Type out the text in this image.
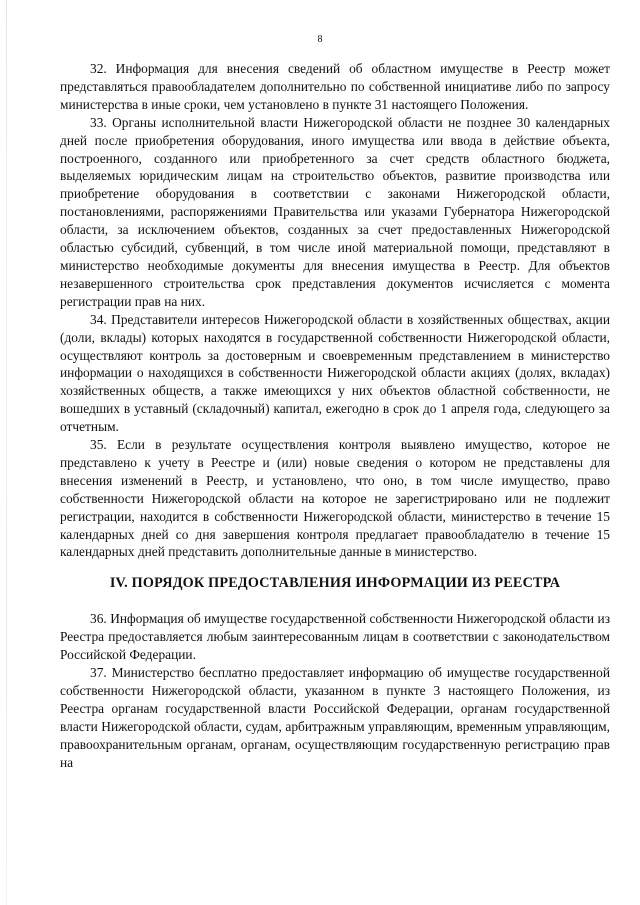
8

32. Информация для внесения сведений об областном имуществе в Реестр может представляться правообладателем дополнительно по собственной инициативе либо по запросу министерства в иные сроки, чем установлено в пункте 31 настоящего Положения.

33. Органы исполнительной власти Нижегородской области не позднее 30 календарных дней после приобретения оборудования, иного имущества или ввода в действие объекта, построенного, созданного или приобретенного за счет средств областного бюджета, выделяемых юридическим лицам на строительство объектов, развитие производства или приобретение оборудования в соответствии с законами Нижегородской области, постановлениями, распоряжениями Правительства или указами Губернатора Нижегородской области, за исключением объектов, созданных за счет предоставленных Нижегородской областью субсидий, субвенций, в том числе иной материальной помощи, представляют в министерство необходимые документы для внесения имущества в Реестр. Для объектов незавершенного строительства срок представления документов исчисляется с момента регистрации прав на них.

34. Представители интересов Нижегородской области в хозяйственных обществах, акции (доли, вклады) которых находятся в государственной собственности Нижегородской области, осуществляют контроль за достоверным и своевременным представлением в министерство информации о находящихся в собственности Нижегородской области акциях (долях, вкладах) хозяйственных обществ, а также имеющихся у них объектов областной собственности, не вошедших в уставный (складочный) капитал, ежегодно в срок до 1 апреля года, следующего за отчетным.

35. Если в результате осуществления контроля выявлено имущество, которое не представлено к учету в Реестре и (или) новые сведения о котором не представлены для внесения изменений в Реестр, и установлено, что оно, в том числе имущество, право собственности Нижегородской области на которое не зарегистрировано или не подлежит регистрации, находится в собственности Нижегородской области, министерство в течение 15 календарных дней со дня завершения контроля предлагает правообладателю в течение 15 календарных дней представить дополнительные данные в министерство.

IV. ПОРЯДОК ПРЕДОСТАВЛЕНИЯ ИНФОРМАЦИИ ИЗ РЕЕСТРА

36. Информация об имуществе государственной собственности Нижегородской области из Реестра предоставляется любым заинтересованным лицам в соответствии с законодательством Российской Федерации.

37. Министерство бесплатно предоставляет информацию об имуществе государственной собственности Нижегородской области, указанном в пункте 3 настоящего Положения, из Реестра органам государственной власти Российской Федерации, органам государственной власти Нижегородской области, судам, арбитражным управляющим, временным управляющим, правоохранительным органам, органам, осуществляющим государственную регистрацию прав на
